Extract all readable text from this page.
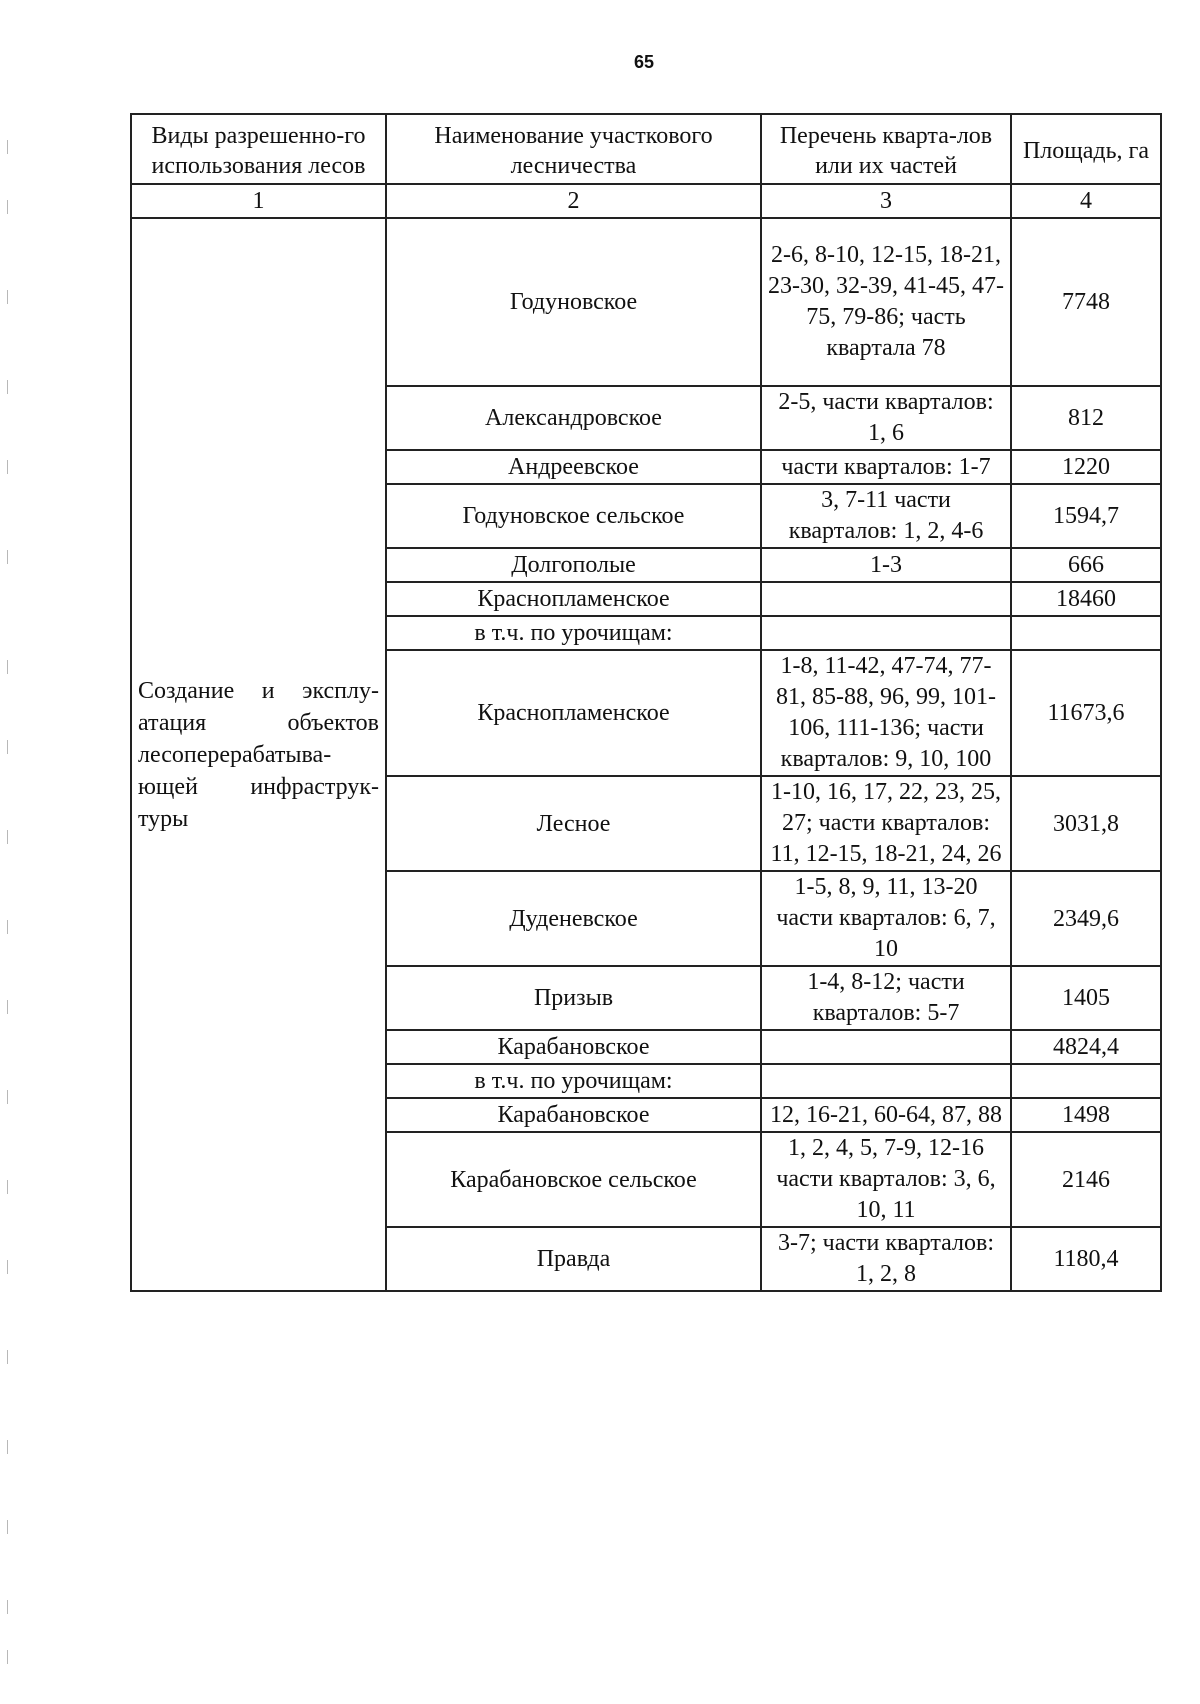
65
Виды разрешенно-го использования лесов	Наименование участкового лесничества	Перечень кварта-лов или их частей	Площадь, га
1	2	3	4

Создание и эксплу-
атация объектов
лесоперерабатыва-
ющей инфраструк-
туры	Годуновское	2-6, 8-10, 12-15, 18-21, 23-30, 32-39, 41-45, 47-75, 79-86; часть квартала 78	7748
	Александровское	2-5, части кварталов: 1, 6	812
	Андреевское	части кварталов: 1-7	1220
	Годуновское сельское	3, 7-11 части кварталов: 1, 2, 4-6	1594,7
	Долгополые	1-3	666
	Краснопламенское		18460
	в т.ч. по урочищам:		
	Краснопламенское	1-8, 11-42, 47-74, 77-81, 85-88, 96, 99, 101-106, 111-136; части кварталов: 9, 10, 100	11673,6
	Лесное	1-10, 16, 17, 22, 23, 25, 27; части кварталов: 11, 12-15, 18-21, 24, 26	3031,8
	Дуденевское	1-5, 8, 9, 11, 13-20 части кварталов: 6, 7, 10	2349,6
	Призыв	1-4, 8-12; части кварталов: 5-7	1405
	Карабановское		4824,4
	в т.ч. по урочищам:		
	Карабановское	12, 16-21, 60-64, 87, 88	1498
	Карабановское сельское	1, 2, 4, 5, 7-9, 12-16 части кварталов: 3, 6, 10, 11	2146
	Правда	3-7; части кварталов: 1, 2, 8	1180,4
